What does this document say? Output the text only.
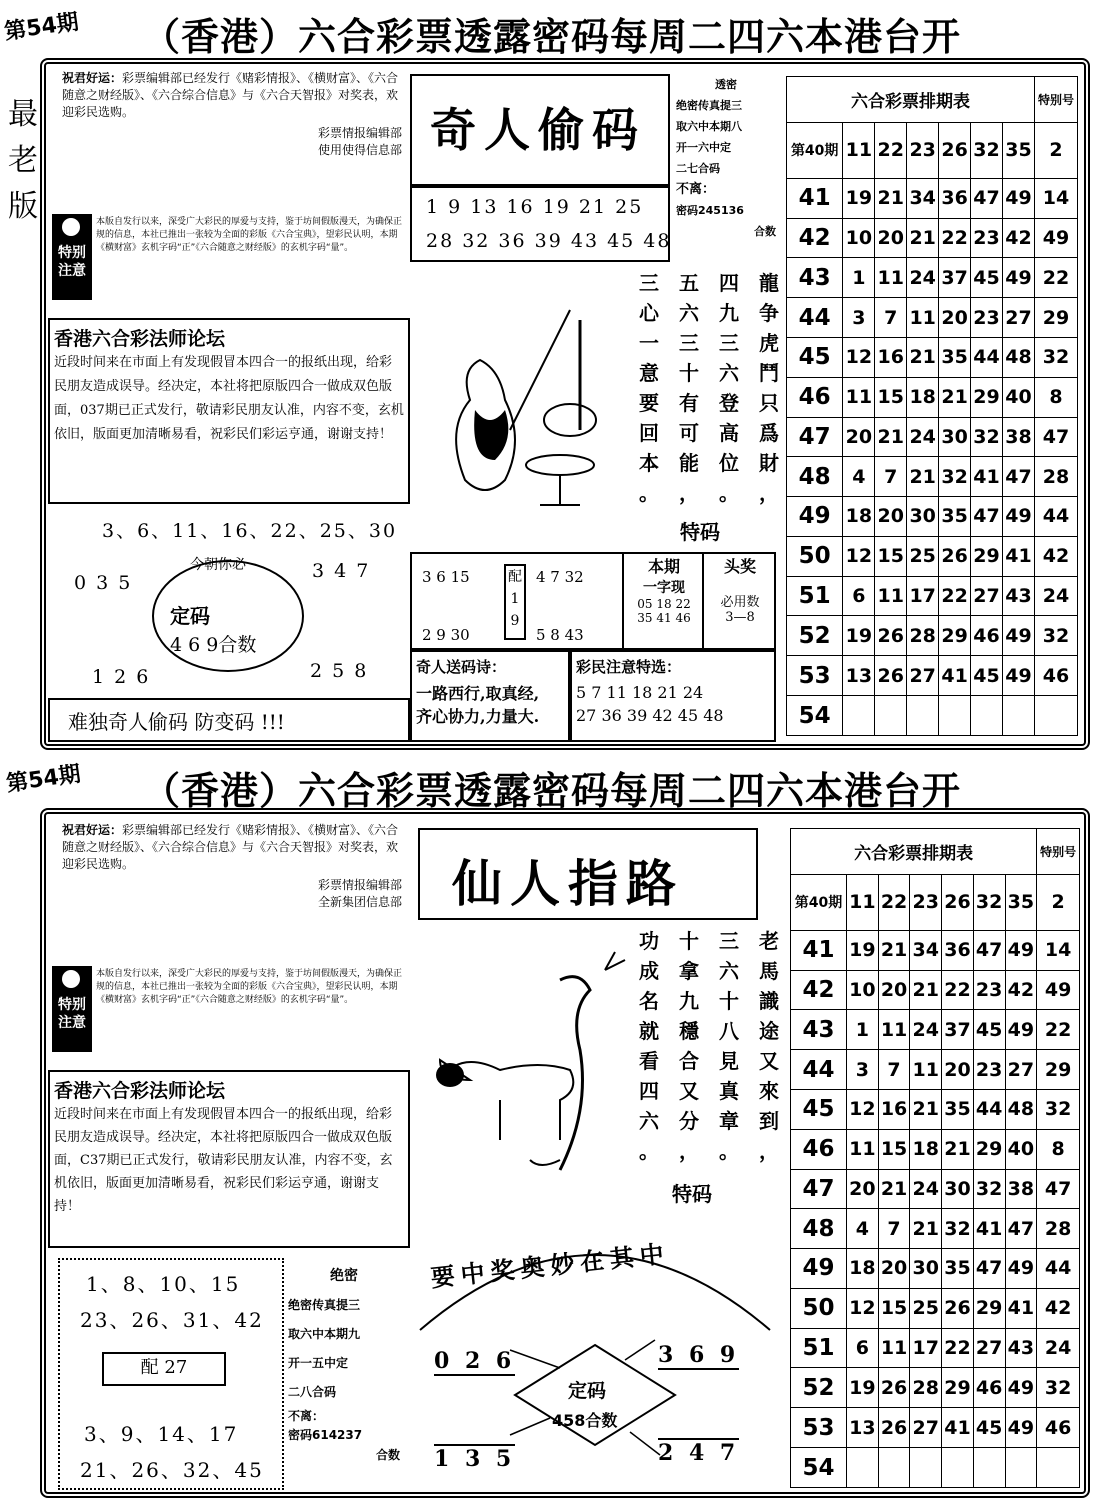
第54期 （香港）六合彩票透露密码每周二四六本港台开
最
老
版
祝君好运：彩票编辑部已经发行《赌彩情报》、《横财富》、《六合随意之财经版》、《六合综合信息》与《六合天智报》对奖表，欢迎彩民选购。
彩票情报编辑部
使用使得信息部
特别注意
本版自发行以来，深受广大彩民的厚爱与支持，鉴于坊间假版漫天，为确保正规的信息，本社已推出一张较为全面的彩版《六合宝典》，望彩民认明，本期《横财富》玄机字码“正”《六合随意之财经版》的玄机字码“量”。
香港六合彩法师论坛
近段时间来在市面上有发现假冒本四合一的报纸出现，给彩民朋友造成误导。经决定，本社将把原版四合一做成双色版面，037期已正式发行，敬请彩民朋友认准，内容不变，玄机依旧，版面更加清晰易看，祝彩民们彩运亨通，谢谢支持！
3、6、11、16、22、25、30
今朝你必
定码
4 6 9合数
0 3 5
3 4 7
1 2 6	2 5 8
难独奇人偷码 防变码 !!!
奇人偷码
1 9 13 16 19 21 25
28 32 36 39 43 45 48
透密
绝密传真提三
取六中本期八
开一六中定
二七合码
不离：
密码245136
合数
三
心
一
意
要
回
本
。
五
六
三
十
有
可
能
，
四
九
三
六
登
高
位
。
龍
争
虎
鬥
只
爲
財
，
特码
3 6 15
2 9 30
配 1 9
4 7 32
5 8 43
本期
一字现
05 18 22
35 41 46
头奖
必用数
3—8
奇人送码诗：
一路西行,取真经,
齐心协力,力量大.
彩民注意特选：
5 7 11 18 21 24
27 36 39 42 45 48
六合彩票排期表							特别号
第40期	11	22	23	26	32	35	2
41	19	21	34	36	47	49	14
42	10	20	21	22	23	42	49
43	1	11	24	37	45	49	22
44	3	7	11	20	23	27	29
45	12	16	21	35	44	48	32
46	11	15	18	21	29	40	8
47	20	21	24	30	32	38	47
48	4	7	21	32	41	47	28
49	18	20	30	35	47	49	44
50	12	15	25	26	29	41	42
51	6	11	17	22	27	43	24
52	19	26	28	29	46	49	32
53	13	26	27	41	45	49	46
54							
第54期 （香港）六合彩票透露密码每周二四六本港台开
祝君好运：彩票编辑部已经发行《赌彩情报》、《横财富》、《六合随意之财经版》、《六合综合信息》与《六合天智报》对奖表，欢迎彩民选购。
彩票情报编辑部
全新集团信息部
特别注意
本版自发行以来，深受广大彩民的厚爱与支持，鉴于坊间假版漫天，为确保正规的信息，本社已推出一张较为全面的彩版《六合宝典》，望彩民认明，本期《横财富》玄机字码“正”《六合随意之财经版》的玄机字码“量”。
香港六合彩法师论坛
近段时间来在市面上有发现假冒本四合一的报纸出现，给彩民朋友造成误导。经决定，本社将把原版四合一做成双色版面，C37期已正式发行，敬请彩民朋友认准，内容不变，玄机依旧，版面更加清晰易看，祝彩民们彩运亨通，谢谢支持！
1、8、10、15
23、26、31、42
配 27
3、9、14、17
21、26、32、45
绝密
绝密传真提三
取六中本期九
开一五中定
二八合码
不离：
密码614237
合数
仙人指路
功
成
名
就
看
四
六
。
十
拿
九
穩
合
又
分
，
三
六
十
八
見
真
章
。
老
馬
識
途
又
來
到
，
特码
要中奖奥妙在其中
定码
458合数
0 2 6	3 6 9
1 3 5	2 4 7
六合彩票排期表							特别号
第40期	11	22	23	26	32	35	2
41	19	21	34	36	47	49	14
42	10	20	21	22	23	42	49
43	1	11	24	37	45	49	22
44	3	7	11	20	23	27	29
45	12	16	21	35	44	48	32
46	11	15	18	21	29	40	8
47	20	21	24	30	32	38	47
48	4	7	21	32	41	47	28
49	18	20	30	35	47	49	44
50	12	15	25	26	29	41	42
51	6	11	17	22	27	43	24
52	19	26	28	29	46	49	32
53	13	26	27	41	45	49	46
54							
